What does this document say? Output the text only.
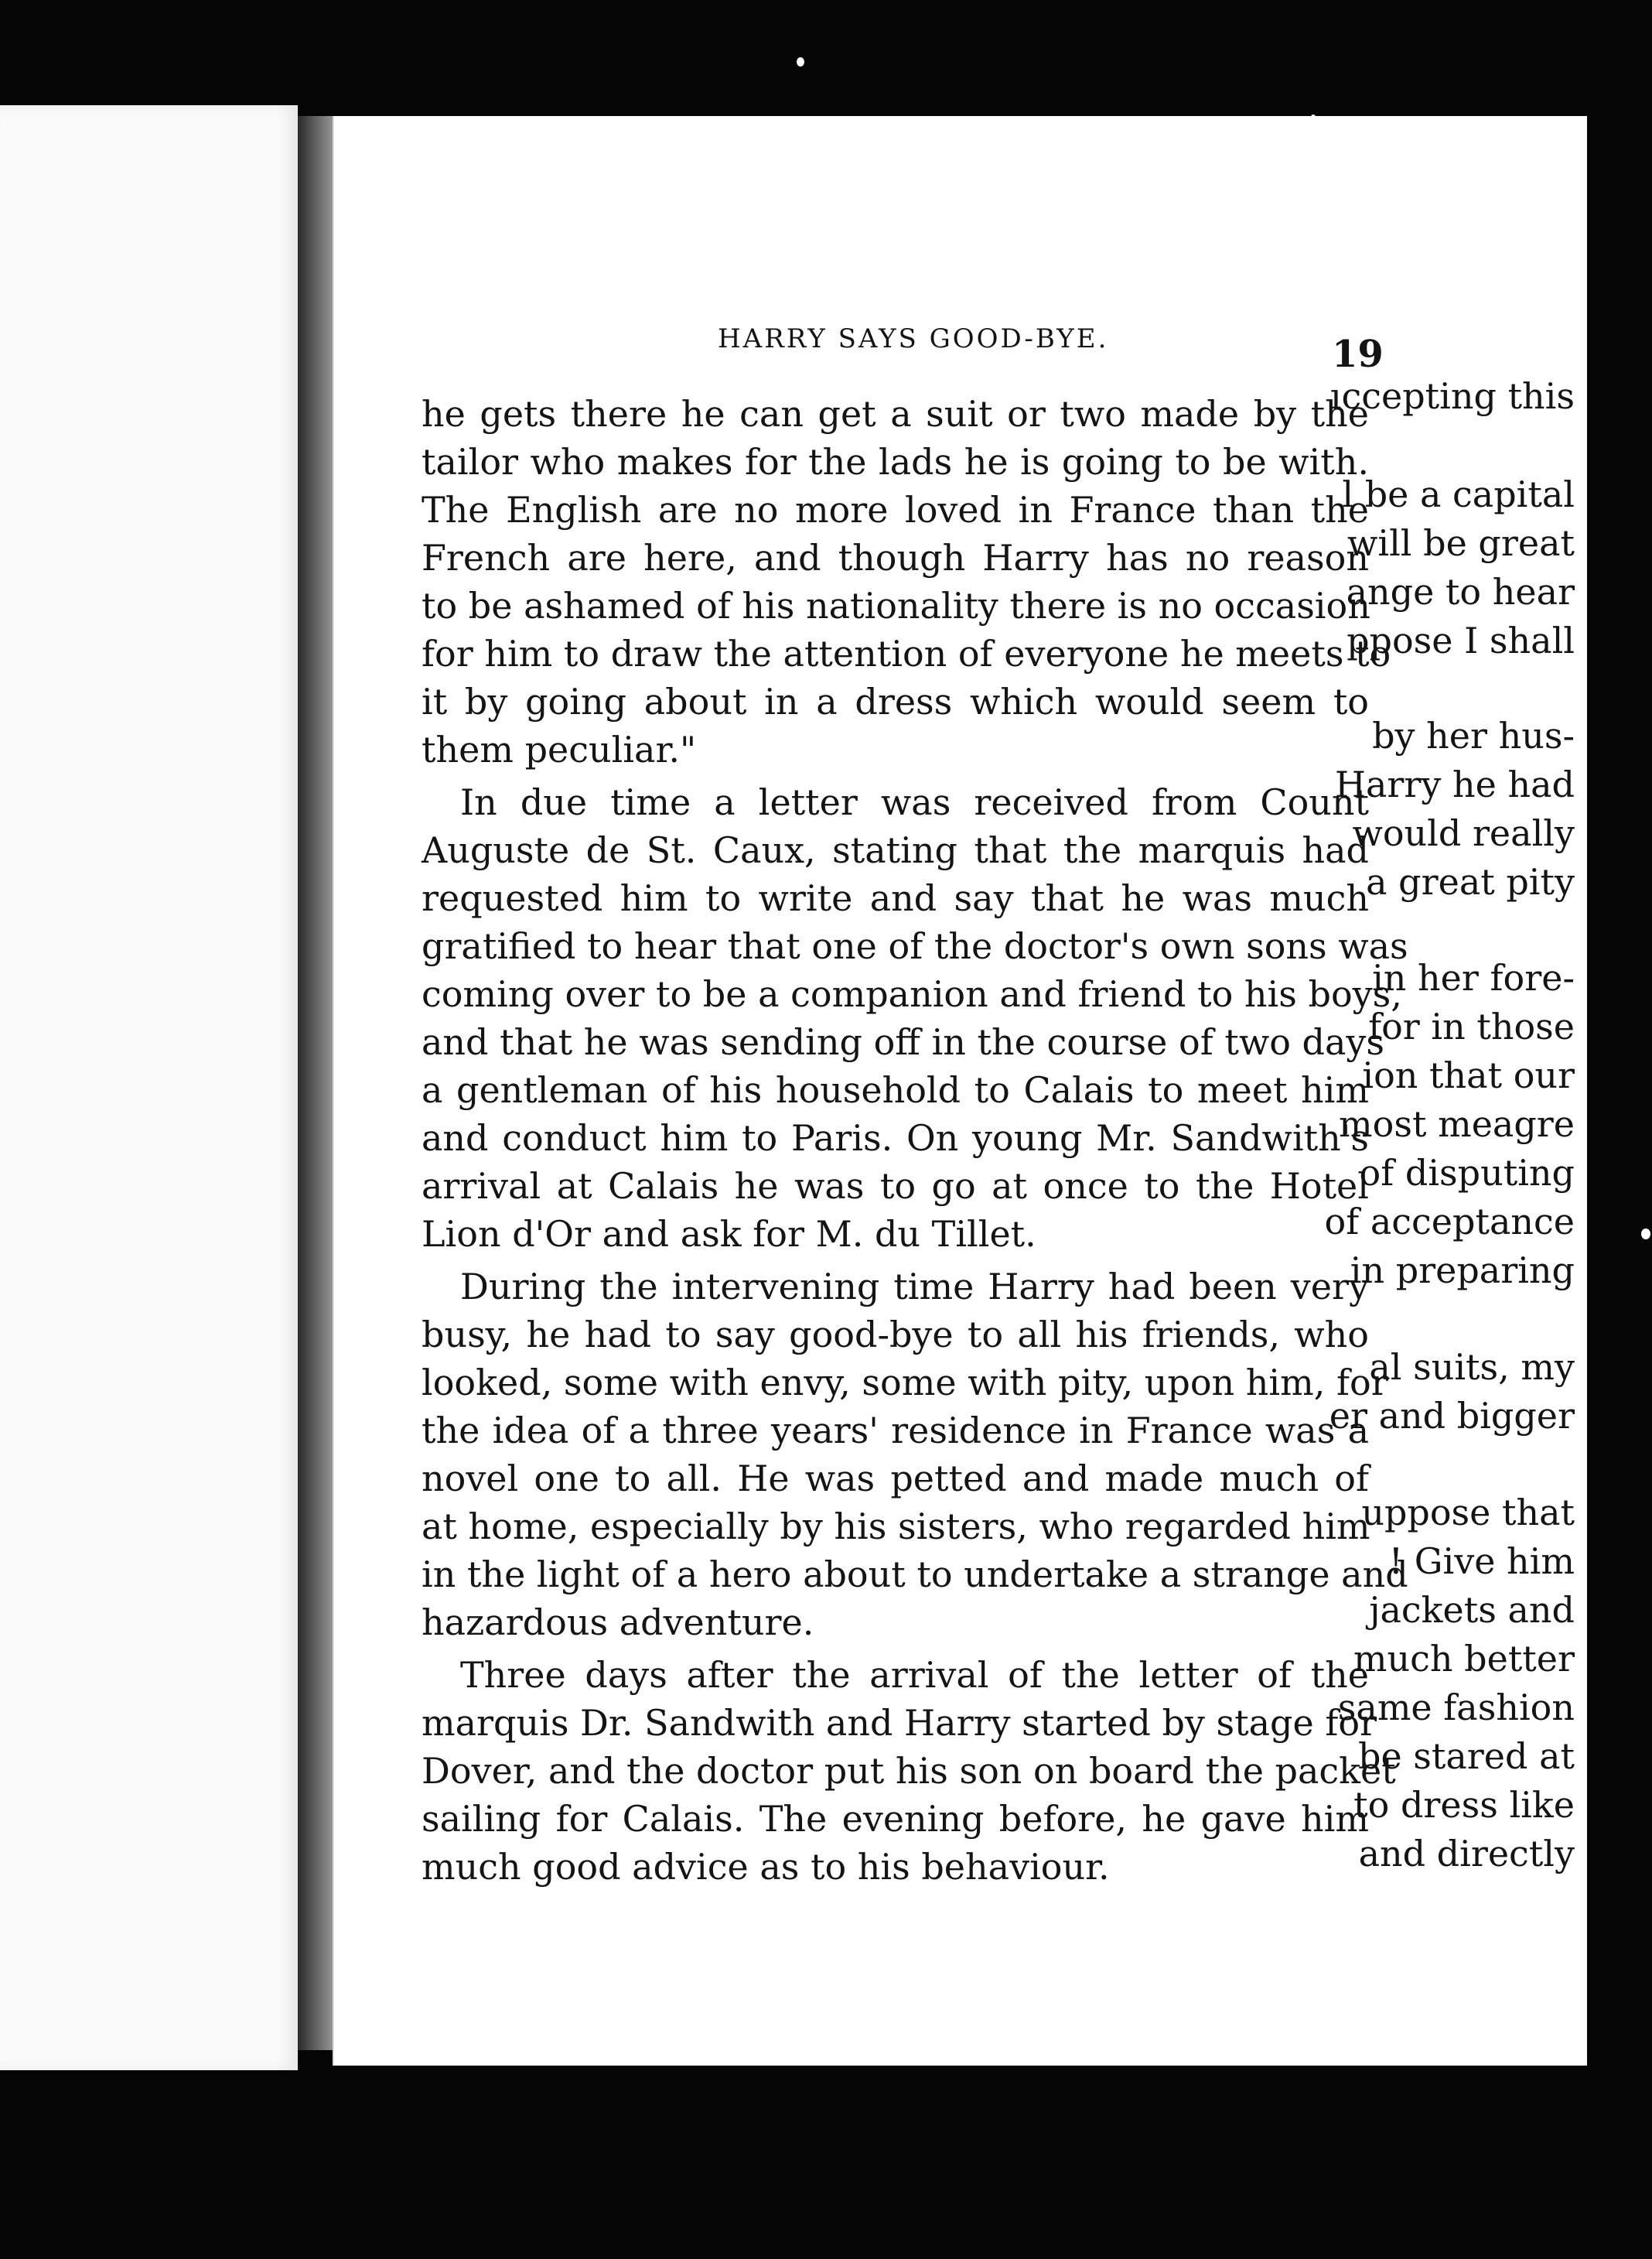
HARRY SAYS GOOD-BYE.	19
ıccepting this
l be a capital
will be great
ange to hear
ppose I shall
by her hus-
Harry he had
would really
a great pity
in her fore-
for in those
ion that our
most meagre
of disputing
of acceptance
in preparing
al suits, my
er and bigger
uppose that
! Give him
jackets and
much better
same fashion
be stared at
to dress like
and directly
he gets there he can get a suit or two made by the
tailor who makes for the lads he is going to be with.
The English are no more loved in France than the
French are here, and though Harry has no reason
to be ashamed of his nationality there is no occasion
for him to draw the attention of everyone he meets to
it by going about in a dress which would seem to
them peculiar."
In due time a letter was received from Count
Auguste de St. Caux, stating that the marquis had
requested him to write and say that he was much
gratified to hear that one of the doctor's own sons was
coming over to be a companion and friend to his boys,
and that he was sending off in the course of two days
a gentleman of his household to Calais to meet him
and conduct him to Paris. On young Mr. Sandwith's
arrival at Calais he was to go at once to the Hotel
Lion d'Or and ask for M. du Tillet.
During the intervening time Harry had been very
busy, he had to say good-bye to all his friends, who
looked, some with envy, some with pity, upon him, for
the idea of a three years' residence in France was a
novel one to all. He was petted and made much of
at home, especially by his sisters, who regarded him
in the light of a hero about to undertake a strange and
hazardous adventure.
Three days after the arrival of the letter of the
marquis Dr. Sandwith and Harry started by stage for
Dover, and the doctor put his son on board the packet
sailing for Calais. The evening before, he gave him
much good advice as to his behaviour.
